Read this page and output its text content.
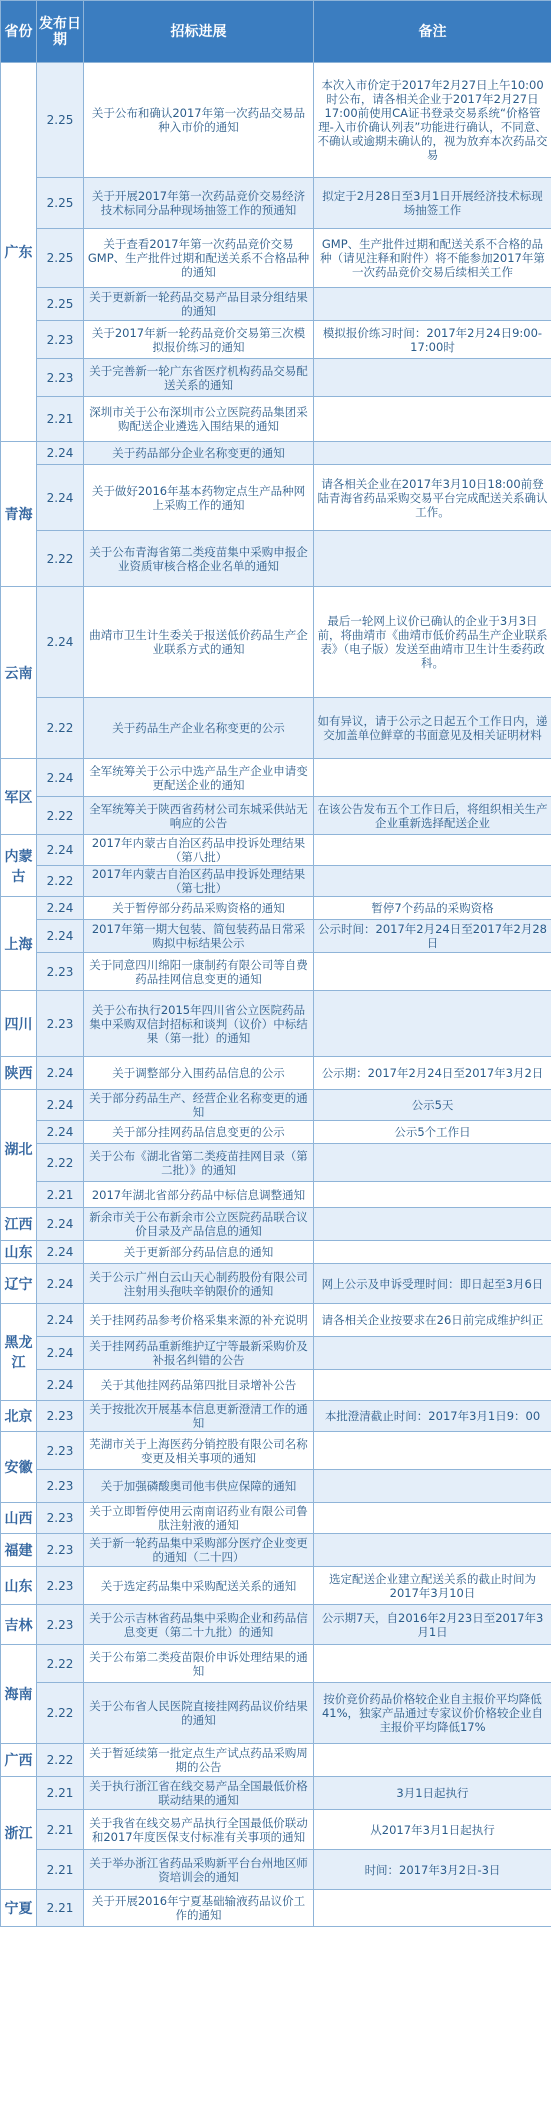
省份	发布日期	招标进展	备注
广东	2.25	关于公布和确认2017年第一次药品交易品种入市价的通知	本次入市价定于2017年2月27日上午10:00时公布，请各相关企业于2017年2月27日17:00前使用CA证书登录交易系统“价格管理-入市价确认列表”功能进行确认，不同意、不确认或逾期未确认的，视为放弃本次药品交易
	2.25	关于开展2017年第一次药品竞价交易经济技术标同分品种现场抽签工作的预通知	拟定于2月28日至3月1日开展经济技术标现场抽签工作
	2.25	关于查看2017年第一次药品竞价交易GMP、生产批件过期和配送关系不合格品种的通知	GMP、生产批件过期和配送关系不合格的品种（请见注释和附件）将不能参加2017年第一次药品竞价交易后续相关工作
	2.25	关于更新新一轮药品交易产品目录分组结果的通知	
	2.23	关于2017年新一轮药品竞价交易第三次模拟报价练习的通知	模拟报价练习时间：2017年2月24日9:00-17:00时
	2.23	关于完善新一轮广东省医疗机构药品交易配送关系的通知	
	2.21	深圳市关于公布深圳市公立医院药品集团采购配送企业遴选入围结果的通知	
青海	2.24	关于药品部分企业名称变更的通知	
	2.24	关于做好2016年基本药物定点生产品种网上采购工作的通知	请各相关企业在2017年3月10日18:00前登陆青海省药品采购交易平台完成配送关系确认工作。
	2.22	关于公布青海省第二类疫苗集中采购申报企业资质审核合格企业名单的通知	
云南	2.24	曲靖市卫生计生委关于报送低价药品生产企业联系方式的通知	最后一轮网上议价已确认的企业于3月3日前，将曲靖市《曲靖市低价药品生产企业联系表》（电子版）发送至曲靖市卫生计生委药政科。
	2.22	关于药品生产企业名称变更的公示	如有异议，请于公示之日起五个工作日内，递交加盖单位鲜章的书面意见及相关证明材料
军区	2.24	全军统筹关于公示中选产品生产企业申请变更配送企业的通知	
	2.22	全军统筹关于陕西省药材公司东城采供站无响应的公告	在该公告发布五个工作日后，将组织相关生产企业重新选择配送企业
内蒙古	2.24	2017年内蒙古自治区药品申投诉处理结果（第八批）	
	2.22	2017年内蒙古自治区药品申投诉处理结果（第七批）	
上海	2.24	关于暂停部分药品采购资格的通知	暂停7个药品的采购资格
	2.24	2017年第一期大包装、简包装药品日常采购拟中标结果公示	公示时间：2017年2月24日至2017年2月28日
	2.23	关于同意四川绵阳一康制药有限公司等自费药品挂网信息变更的通知	
四川	2.23	关于公布执行2015年四川省公立医院药品集中采购双信封招标和谈判（议价）中标结果（第一批）的通知	
陕西	2.24	关于调整部分入围药品信息的公示	公示期：2017年2月24日至2017年3月2日
湖北	2.24	关于部分药品生产、经营企业名称变更的通知	公示5天
	2.24	关于部分挂网药品信息变更的公示	公示5个工作日
	2.22	关于公布《湖北省第二类疫苗挂网目录（第二批）》的通知	
	2.21	2017年湖北省部分药品中标信息调整通知	
江西	2.24	新余市关于公布新余市公立医院药品联合议价目录及产品信息的通知	
山东	2.24	关于更新部分药品信息的通知	
辽宁	2.24	关于公示广州白云山天心制药股份有限公司注射用头孢呋辛钠限价的通知	网上公示及申诉受理时间：即日起至3月6日
黑龙江	2.24	关于挂网药品参考价格采集来源的补充说明	请各相关企业按要求在26日前完成维护纠正
	2.24	关于挂网药品重新维护辽宁等最新采购价及补报名纠错的公告	
	2.24	关于其他挂网药品第四批目录增补公告	
北京	2.23	关于按批次开展基本信息更新澄清工作的通知	本批澄清截止时间：2017年3月1日9：00
安徽	2.23	芜湖市关于上海医药分销控股有限公司名称变更及相关事项的通知	
	2.23	关于加强磷酸奥司他韦供应保障的通知	
山西	2.23	关于立即暂停使用云南南诏药业有限公司鲁肽注射液的通知	
福建	2.23	关于新一轮药品集中采购部分医疗企业变更的通知（二十四）	
山东	2.23	关于选定药品集中采购配送关系的通知	选定配送企业建立配送关系的截止时间为2017年3月10日
吉林	2.23	关于公示吉林省药品集中采购企业和药品信息变更（第二十九批）的通知	公示期7天，自2016年2月23日至2017年3月1日
海南	2.22	关于公布第二类疫苗限价申诉处理结果的通知	
	2.22	关于公布省人民医院直接挂网药品议价结果的通知	按价竞价药品价格较企业自主报价平均降低41%，独家产品通过专家议价价格较企业自主报价平均降低17%
广西	2.22	关于暂延续第一批定点生产试点药品采购周期的公告	
浙江	2.21	关于执行浙江省在线交易产品全国最低价格联动结果的通知	3月1日起执行
	2.21	关于我省在线交易产品执行全国最低价联动和2017年度医保支付标准有关事项的通知	从2017年3月1日起执行
	2.21	关于举办浙江省药品采购新平台台州地区师资培训会的通知	时间：2017年3月2日-3日
宁夏	2.21	关于开展2016年宁夏基础输液药品议价工作的通知	
